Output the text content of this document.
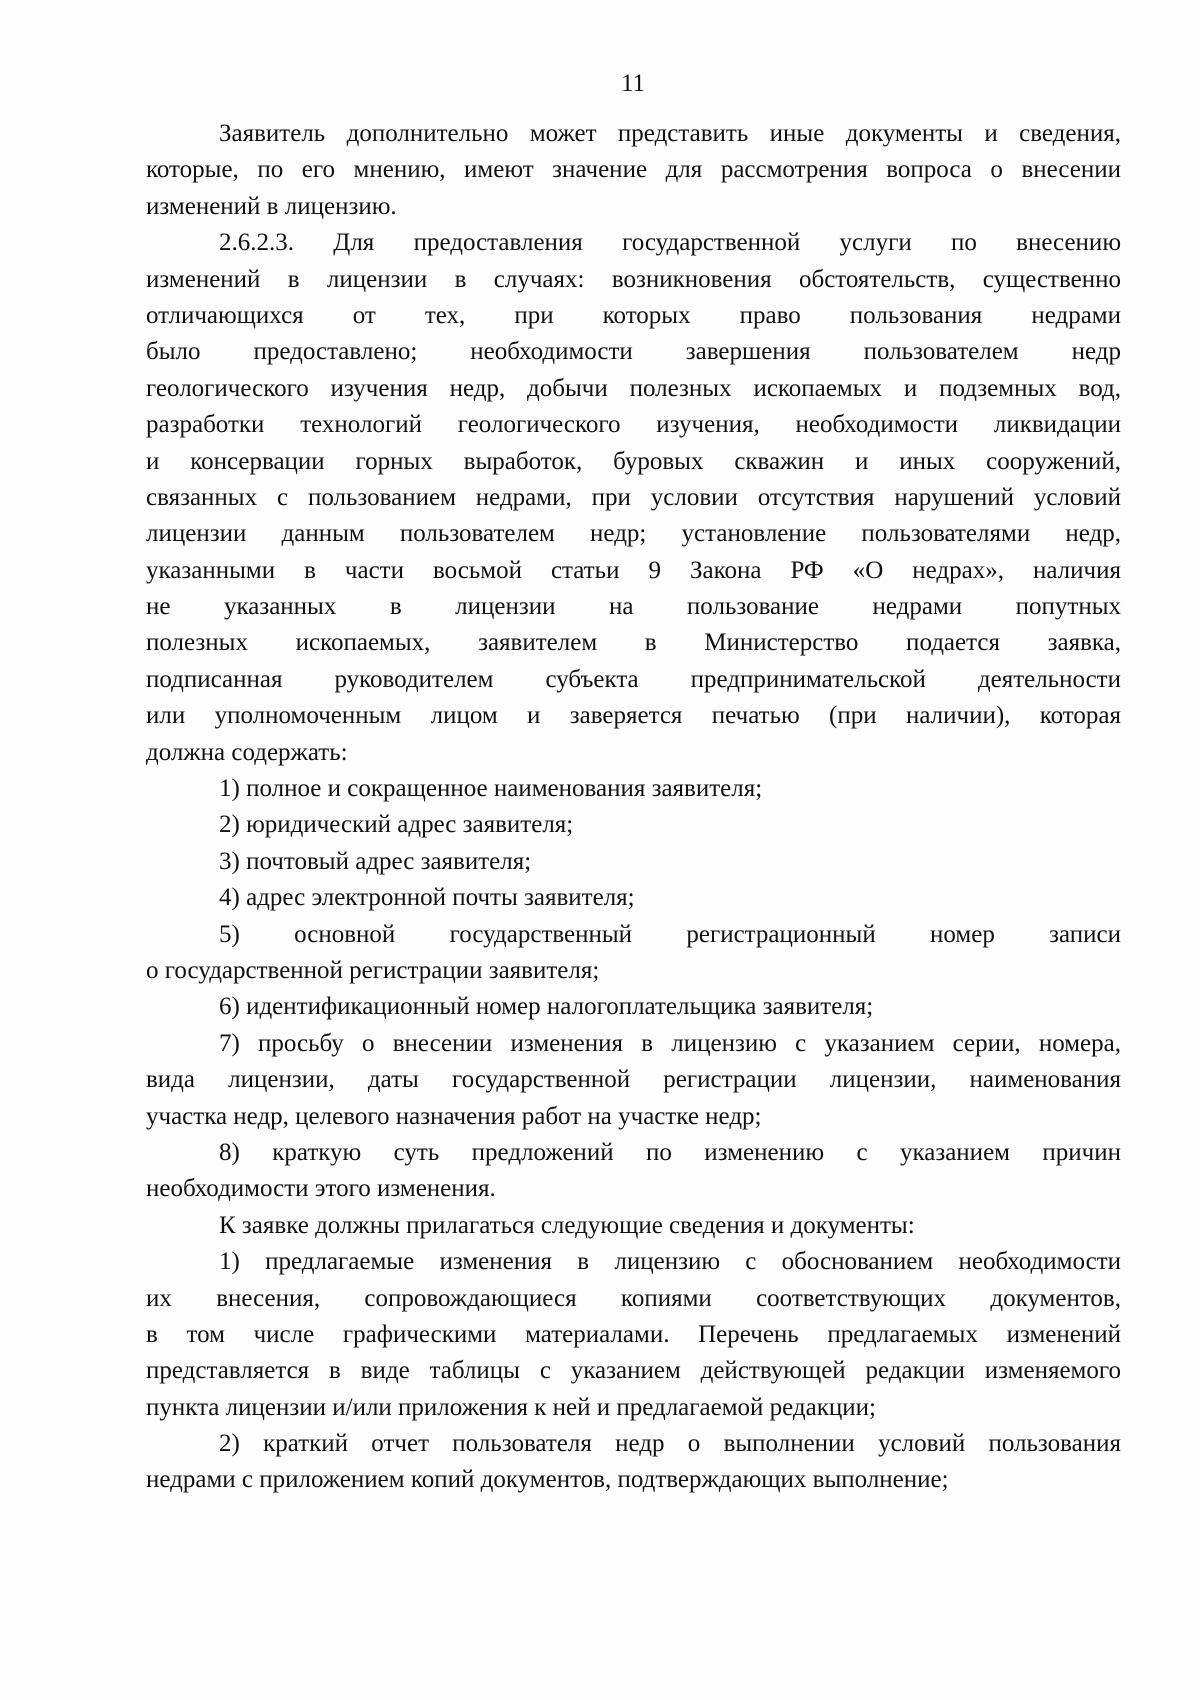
11
Заявитель дополнительно может представить иные документы и сведения,
которые, по его мнению, имеют значение для рассмотрения вопроса о внесении
изменений в лицензию.
2.6.2.3. Для предоставления государственной услуги по внесению
изменений в лицензии в случаях: возникновения обстоятельств, существенно
отличающихся от тех, при которых право пользования недрами
было предоставлено; необходимости завершения пользователем недр
геологического изучения недр, добычи полезных ископаемых и подземных вод,
разработки технологий геологического изучения, необходимости ликвидации
и консервации горных выработок, буровых скважин и иных сооружений,
связанных с пользованием недрами, при условии отсутствия нарушений условий
лицензии данным пользователем недр; установление пользователями недр,
указанными в части восьмой статьи 9 Закона РФ «О недрах», наличия
не указанных в лицензии на пользование недрами попутных
полезных ископаемых, заявителем в Министерство подается заявка,
подписанная руководителем субъекта предпринимательской деятельности
или уполномоченным лицом и заверяется печатью (при наличии), которая
должна содержать:
1) полное и сокращенное наименования заявителя;
2) юридический адрес заявителя;
3) почтовый адрес заявителя;
4) адрес электронной почты заявителя;
5) основной государственный регистрационный номер записи
о государственной регистрации заявителя;
6) идентификационный номер налогоплательщика заявителя;
7) просьбу о внесении изменения в лицензию с указанием серии, номера,
вида лицензии, даты государственной регистрации лицензии, наименования
участка недр, целевого назначения работ на участке недр;
8) краткую суть предложений по изменению с указанием причин
необходимости этого изменения.
К заявке должны прилагаться следующие сведения и документы:
1) предлагаемые изменения в лицензию с обоснованием необходимости
их внесения, сопровождающиеся копиями соответствующих документов,
в том числе графическими материалами. Перечень предлагаемых изменений
представляется в виде таблицы с указанием действующей редакции изменяемого
пункта лицензии и/или приложения к ней и предлагаемой редакции;
2) краткий отчет пользователя недр о выполнении условий пользования
недрами с приложением копий документов, подтверждающих выполнение;
